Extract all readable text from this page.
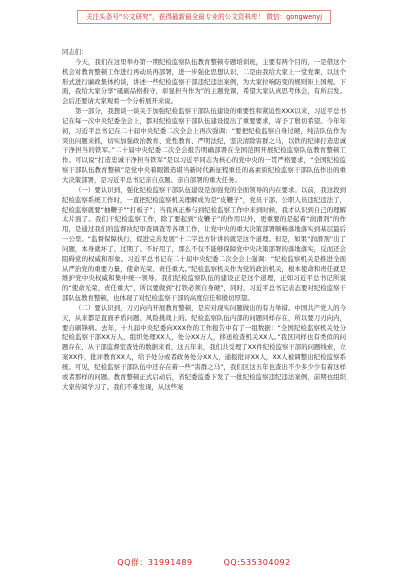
关注头条号“公文研究”，获得最新最全最专业的公文资料库！ 微信：gongwenyj

同志们：

今天，我们在这里举办第一期纪检监察队伍教育整顿专题培训班，主要有两个目的，一是借这个机会对教育整顿工作进行再动员再部署，进一步强化思想认识，二是由我给大家上一堂党课，以这个形式进行廉政集体约谈，讲述一些纪检监察干部违纪违法案例，为大家拉响防变的规则矩上国规。下面，我给大家分享“砥砺品格推守，彰显担当作为”的主题党课，希望大家认真思考体会，有所启发。会后还要请大家观看一个分析展开来说。

第一部分，我想谈一谈关于加强纪检监察干部队伍建设的重要性和紧迫性XXX以来，习近平总书记在每一次中央纪委全会上，都对纪检监察干部队伍建设提出了重要要求，寄予了殷切希望。今年年初，习近平总书记在二十届中央纪委二次全会上再次强调：“要把纪检监察自身过硬，纯洁队伍作为突出问题来抓，切实加强政治教育、党性教育、严明法纪，坚决清除害群之马，以铁的纪律打造忠诚干净担当的铁军。”二十届中央纪委二次全会报告明确部署在全国范围开展纪检监察队伍教育整顿工作。可以说“打造忠诚干净担当铁军”是以习近平同志为核心的党中央的一贯严格要求，“全国纪检监察干部队伍教育整顿”是党中央着眼锻造堪当新时代新征程重任的高素质纪检监察干部队伍作出的重大决策部署，是习近平总书记亲自点题、亲自部署的重大任务。

（一）要认识到，强化纪检监察干部队伍建设是加强党的全面领导的内在要求。以前，我这段到纪检监察系统工作时，一直把纪检监察机关理解成为是“皮鞭子”，党员干部、公职人员违纪违法了，纪检监察就要“抽鞭子”“打板子”；当我真正参与到纪检监察工作中来到时候，我才认识到自己的理解太片面了。我们干纪检监察工作，除了要起到“皮鞭子”的作用以外，更重要的是起着“润滑剂”的作用，是通过我们的监督执纪审查调查等各项工作，让党中央的重大决策部署顺畅落地落实到基层最后一公里。“监督保障执行，促进完善发展”十二字总方针讲的就是这个道理。但是，如果“润滑剂”出了问题，本身就坏了、过期了、不好用了，那么不仅不能够保障党中央决策部署的落地落实，反而还会阻碍党的权威和形象。习近平总书记在二十届中央纪委二次全会上强调：“纪检监察机关是推进全面从严治党的重要力量，使命光荣、责任重大。”纪检监察机关作为党的政治机关，根本使命和责任就是维护党中央权威和集中统一领导。我们纪检监察队伍的建设正是这个道理，正如习近平总书记所说的“使命光荣、责任重大”，所以要做到“打铁必须自身硬”，同时，习近平总书记表态要对纪检监察干部队伍教育整顿，也体现了对纪检监察干部的高度信任和殷切厚望。

（二）要认识到，刀刃向内开展教育整顿，是应对现实问题做出的有力举措。中国共产党人的今天，从来都是直面矛盾问题、风险挑战上的。纪检监察队伍内部的问题同样存在，所以要刀刃向内，要自刷锋病。去年，十九届中央纪委向XXX作的工作报告中有了一组数据：“全国纪检监察机关处分纪检监察干部XX万人，组织处理XX人，处分XX万人，移送检查机关XX人。”我区同样也有类似的问题存在，从干部监督室查处的数据来看，这五年来，我们共受理了XX件纪检监察干部的问题线索，立案XX件，批评教育XX人，给予处分或者政务处分XX人，通报批评XX人，XX人被调整出纪检监察系统。可见，纪检监察干部队伍中还存在着一些“害群之马”，我们区这五年也查出不少多少少有着这样或者那样的问题。教育整顿正式启动后，省纪委监委下发了一批纪检监察违纪违法案例，前期也组织大家传阅学习了。我们不难发现，从这些案

QQ群：31991489	QQ:535304092
